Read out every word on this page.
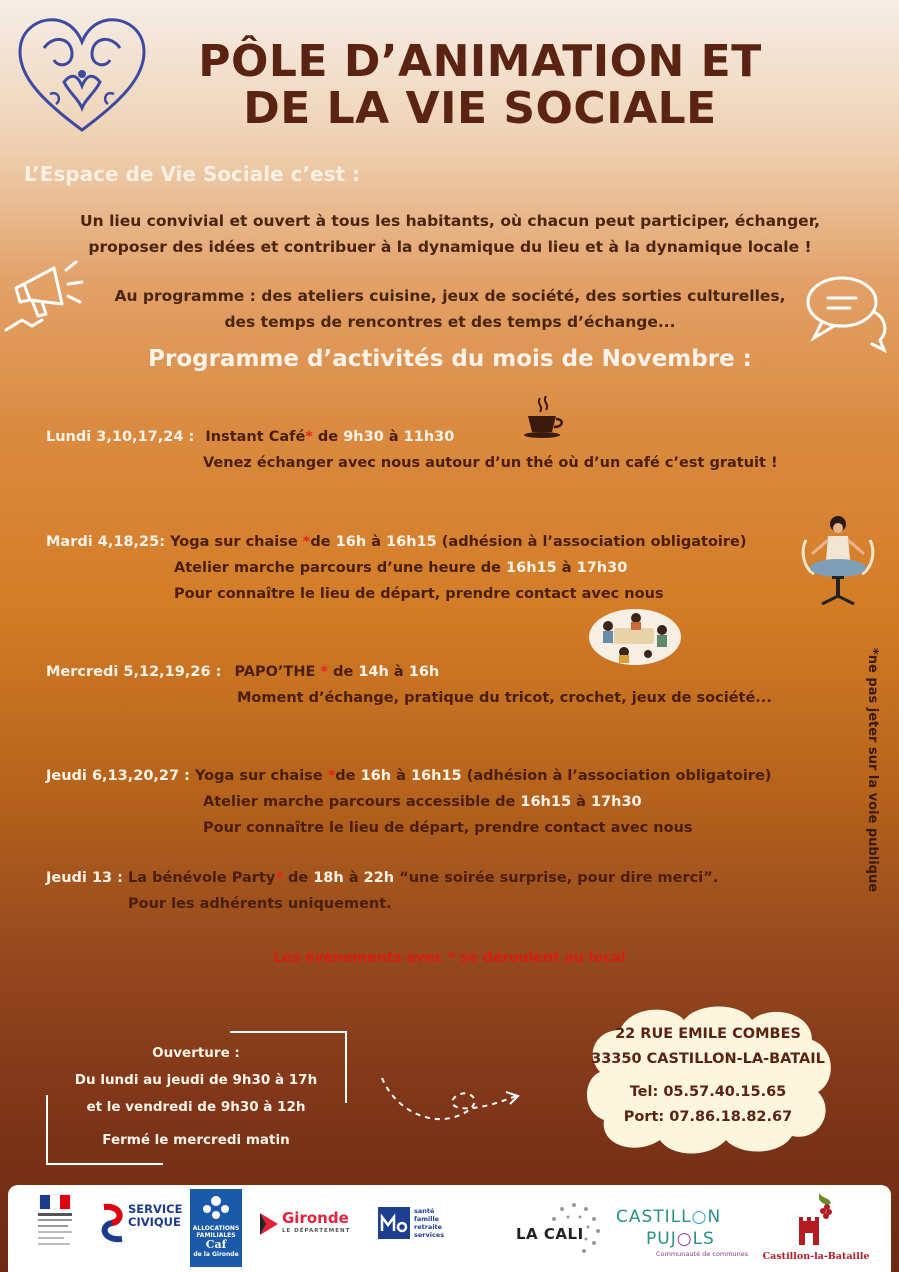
PÔLE D’ANIMATION ET
DE LA VIE SOCIALE
L’Espace de Vie Sociale c’est :
Un lieu convivial et ouvert à tous les habitants, où chacun peut participer, échanger,
proposer des idées et contribuer à la dynamique du lieu et à la dynamique locale !
Au programme : des ateliers cuisine, jeux de société, des sorties culturelles,
des temps de rencontres et des temps d’échange...
Programme d’activités du mois de Novembre :
Lundi 3,10,17,24 : Instant Café* de 9h30 à 11h30
Venez échanger avec nous autour d’un thé où d’un café c’est gratuit !
Mardi 4,18,25: Yoga sur chaise *de 16h à 16h15 (adhésion à l’association obligatoire)
Atelier marche parcours d’une heure de 16h15 à 17h30
Pour connaître le lieu de départ, prendre contact avec nous
Mercredi 5,12,19,26 : PAPO’THE * de 14h à 16h
Moment d’échange, pratique du tricot, crochet, jeux de société...
Jeudi 6,13,20,27 : Yoga sur chaise *de 16h à 16h15 (adhésion à l’association obligatoire)
Atelier marche parcours accessible de 16h15 à 17h30
Pour connaître le lieu de départ, prendre contact avec nous
Jeudi 13 : La bénévole Party* de 18h à 22h “une soirée surprise, pour dire merci”.
Pour les adhérents uniquement.
Les événements avec * se déroulent au local
*ne pas jeter sur la voie publique
Ouverture :
Du lundi au jeudi de 9h30 à 17h
et le vendredi de 9h30 à 12h
Fermé le mercredi matin
22 RUE EMILE COMBES
33350 CASTILLON-LA-BATAIL
Tel: 05.57.40.15.65
Port: 07.86.18.82.67
SERVICE
CIVIQUE	ALLOCATIONS
FAMILIALES
Caf
de la Gironde
Gironde
LE DÉPARTEMENT
santé
famille
retraite
services	LA CALI
CASTILL○N
PUJ○LS
Communauté de communes Castillon-la-Bataille
